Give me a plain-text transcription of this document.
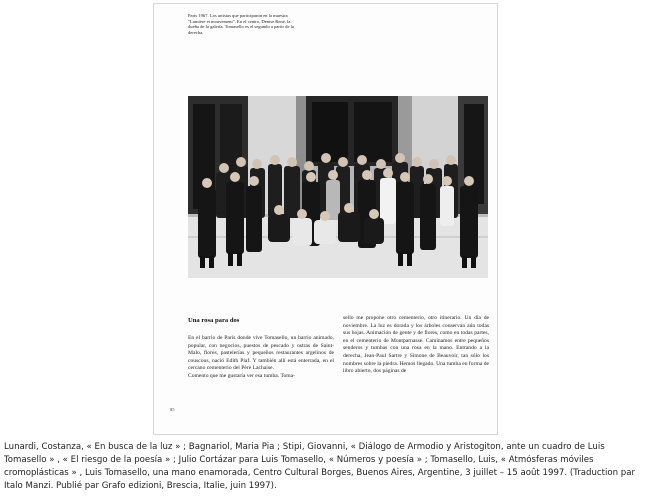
Paris 1967. Los artistas que participaron en la muestra "Lumière et mouvement". En el centro, Denise René, la dueña de la galería. Tomasello es el segundo a partir de la derecha.

Una rosa para dos

En el barrio de París donde vive Tomasello, un barrio animado, popular, con negocios, puestos de pescado y ostras de Saint-Malo, flores, pastelerías y pequeños restaurantes argelinos de couscous, nació Edith Piaf. Y también allí está enterrada, en el cercano cementerio del Père Lachaise.

Comento que me gustaría ver esa tumba. Toma-

sello me propone otro cementerio, otro itinerario. Un día de noviembre. La luz es dorada y los árboles conservan aún todas sus hojas. Animación de gente y de flores, como en todas partes, en el cementerio de Montparnasse. Caminamos entre pequeños senderos y tumbas con una rosa en la mano. Entrando a la derecha, Jean-Paul Sartre y Simone de Beauvoir, tan sólo los nombres sobre la piedra. Hemos llegado. Una tumba en forma de libro abierto, dos páginas de

85

Lunardi, Costanza, « En busca de la luz » ; Bagnariol, Maria Pia ; Stipi, Giovanni, « Diálogo de Armodio y Aristogiton, ante un cuadro de Luis Tomasello » , « El riesgo de la poesía » ; Julio Cortázar para Luis Tomasello, « Números y poesía » ; Tomasello, Luis, « Atmósferas móviles cromoplásticas » , Luis Tomasello, una mano enamorada, Centro Cultural Borges, Buenos Aires, Argentine, 3 juillet – 15 août 1997. (Traduction par Italo Manzi. Publié par Grafo edizioni, Brescia, Italie, juin 1997).
